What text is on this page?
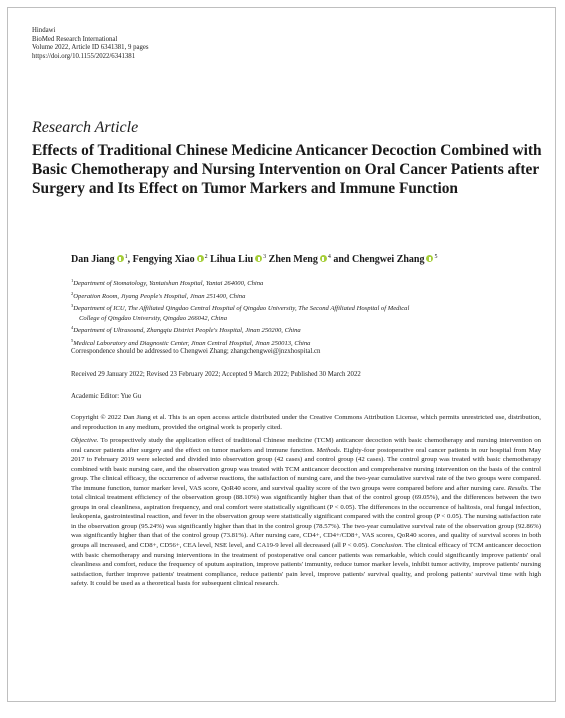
Hindawi
BioMed Research International
Volume 2022, Article ID 6341381, 9 pages
https://doi.org/10.1155/2022/6341381
Research Article
Effects of Traditional Chinese Medicine Anticancer Decoction Combined with Basic Chemotherapy and Nursing Intervention on Oral Cancer Patients after Surgery and Its Effect on Tumor Markers and Immune Function
Dan Jiang $^1$, Fengying Xiao $^2$ Lihua Liu $^3$ Zhen Meng $^4$ and Chengwei Zhang $^5$
$^1$Department of Stomatology, Yantaishan Hospital, Yantai 264000, China
$^2$Operation Room, Jiyang People's Hospital, Jinan 251400, China
$^3$Department of ICU, The Affiliated Qingdao Central Hospital of Qingdao University, The Second Affiliated Hospital of Medical
College of Qingdao University, Qingdao 266042, China
$^4$Department of Ultrasound, Zhangqiu District People's Hospital, Jinan 250200, China
$^5$Medical Laboratory and Diagnostic Center, Jinan Central Hospital, Jinan 250013, China
Correspondence should be addressed to Chengwei Zhang; zhangchengwei@jnzxhospital.cn
Received 29 January 2022; Revised 23 February 2022; Accepted 9 March 2022; Published 30 March 2022
Academic Editor: Yue Gu
Copyright © 2022 Dan Jiang et al. This is an open access article distributed under the Creative Commons Attribution License, which permits unrestricted use, distribution, and reproduction in any medium, provided the original work is properly cited.
Objective. To prospectively study the application effect of traditional Chinese medicine (TCM) anticancer decoction with basic chemotherapy and nursing intervention on oral cancer patients after surgery and the effect on tumor markers and immune function. Methods. Eighty-four postoperative oral cancer patients in our hospital from May 2017 to February 2019 were selected and divided into observation group (42 cases) and control group (42 cases). The control group was treated with basic chemotherapy combined with basic nursing care, and the observation group was treated with TCM anticancer decoction and comprehensive nursing intervention on the basis of the control group. The clinical efficacy, the occurrence of adverse reactions, the satisfaction of nursing care, and the two-year cumulative survival rate of the two groups were compared. The immune function, tumor marker level, VAS score, QoR40 score, and survival quality score of the two groups were compared before and after nursing care. Results. The total clinical treatment efficiency of the observation group (88.10%) was significantly higher than that of the control group (69.05%), and the differences between the two groups in oral cleanliness, aspiration frequency, and oral comfort were statistically significant (P < 0.05). The differences in the occurrence of halitosis, oral fungal infection, leukopenia, gastrointestinal reaction, and fever in the observation group were statistically significant compared with the control group (P < 0.05). The nursing satisfaction rate in the observation group (95.24%) was significantly higher than that in the control group (78.57%). The two-year cumulative survival rate of the observation group (92.86%) was significantly higher than that of the control group (73.81%). After nursing care, CD4+, CD4+/CD8+, VAS scores, QoR40 scores, and quality of survival scores in both groups all increased, and CD8+, CD56+, CEA level, NSE level, and CA19-9 level all decreased (all P < 0.05). Conclusion. The clinical efficacy of TCM anticancer decoction with basic chemotherapy and nursing interventions in the treatment of postoperative oral cancer patients was remarkable, which could significantly improve patients' oral cleanliness and comfort, reduce the frequency of sputum aspiration, improve patients' immunity, reduce tumor marker levels, inhibit tumor activity, improve patients' nursing satisfaction, further improve patients' treatment compliance, reduce patients' pain level, improve patients' survival quality, and prolong patients' survival time with high safety. It could be used as a theoretical basis for subsequent clinical research.
